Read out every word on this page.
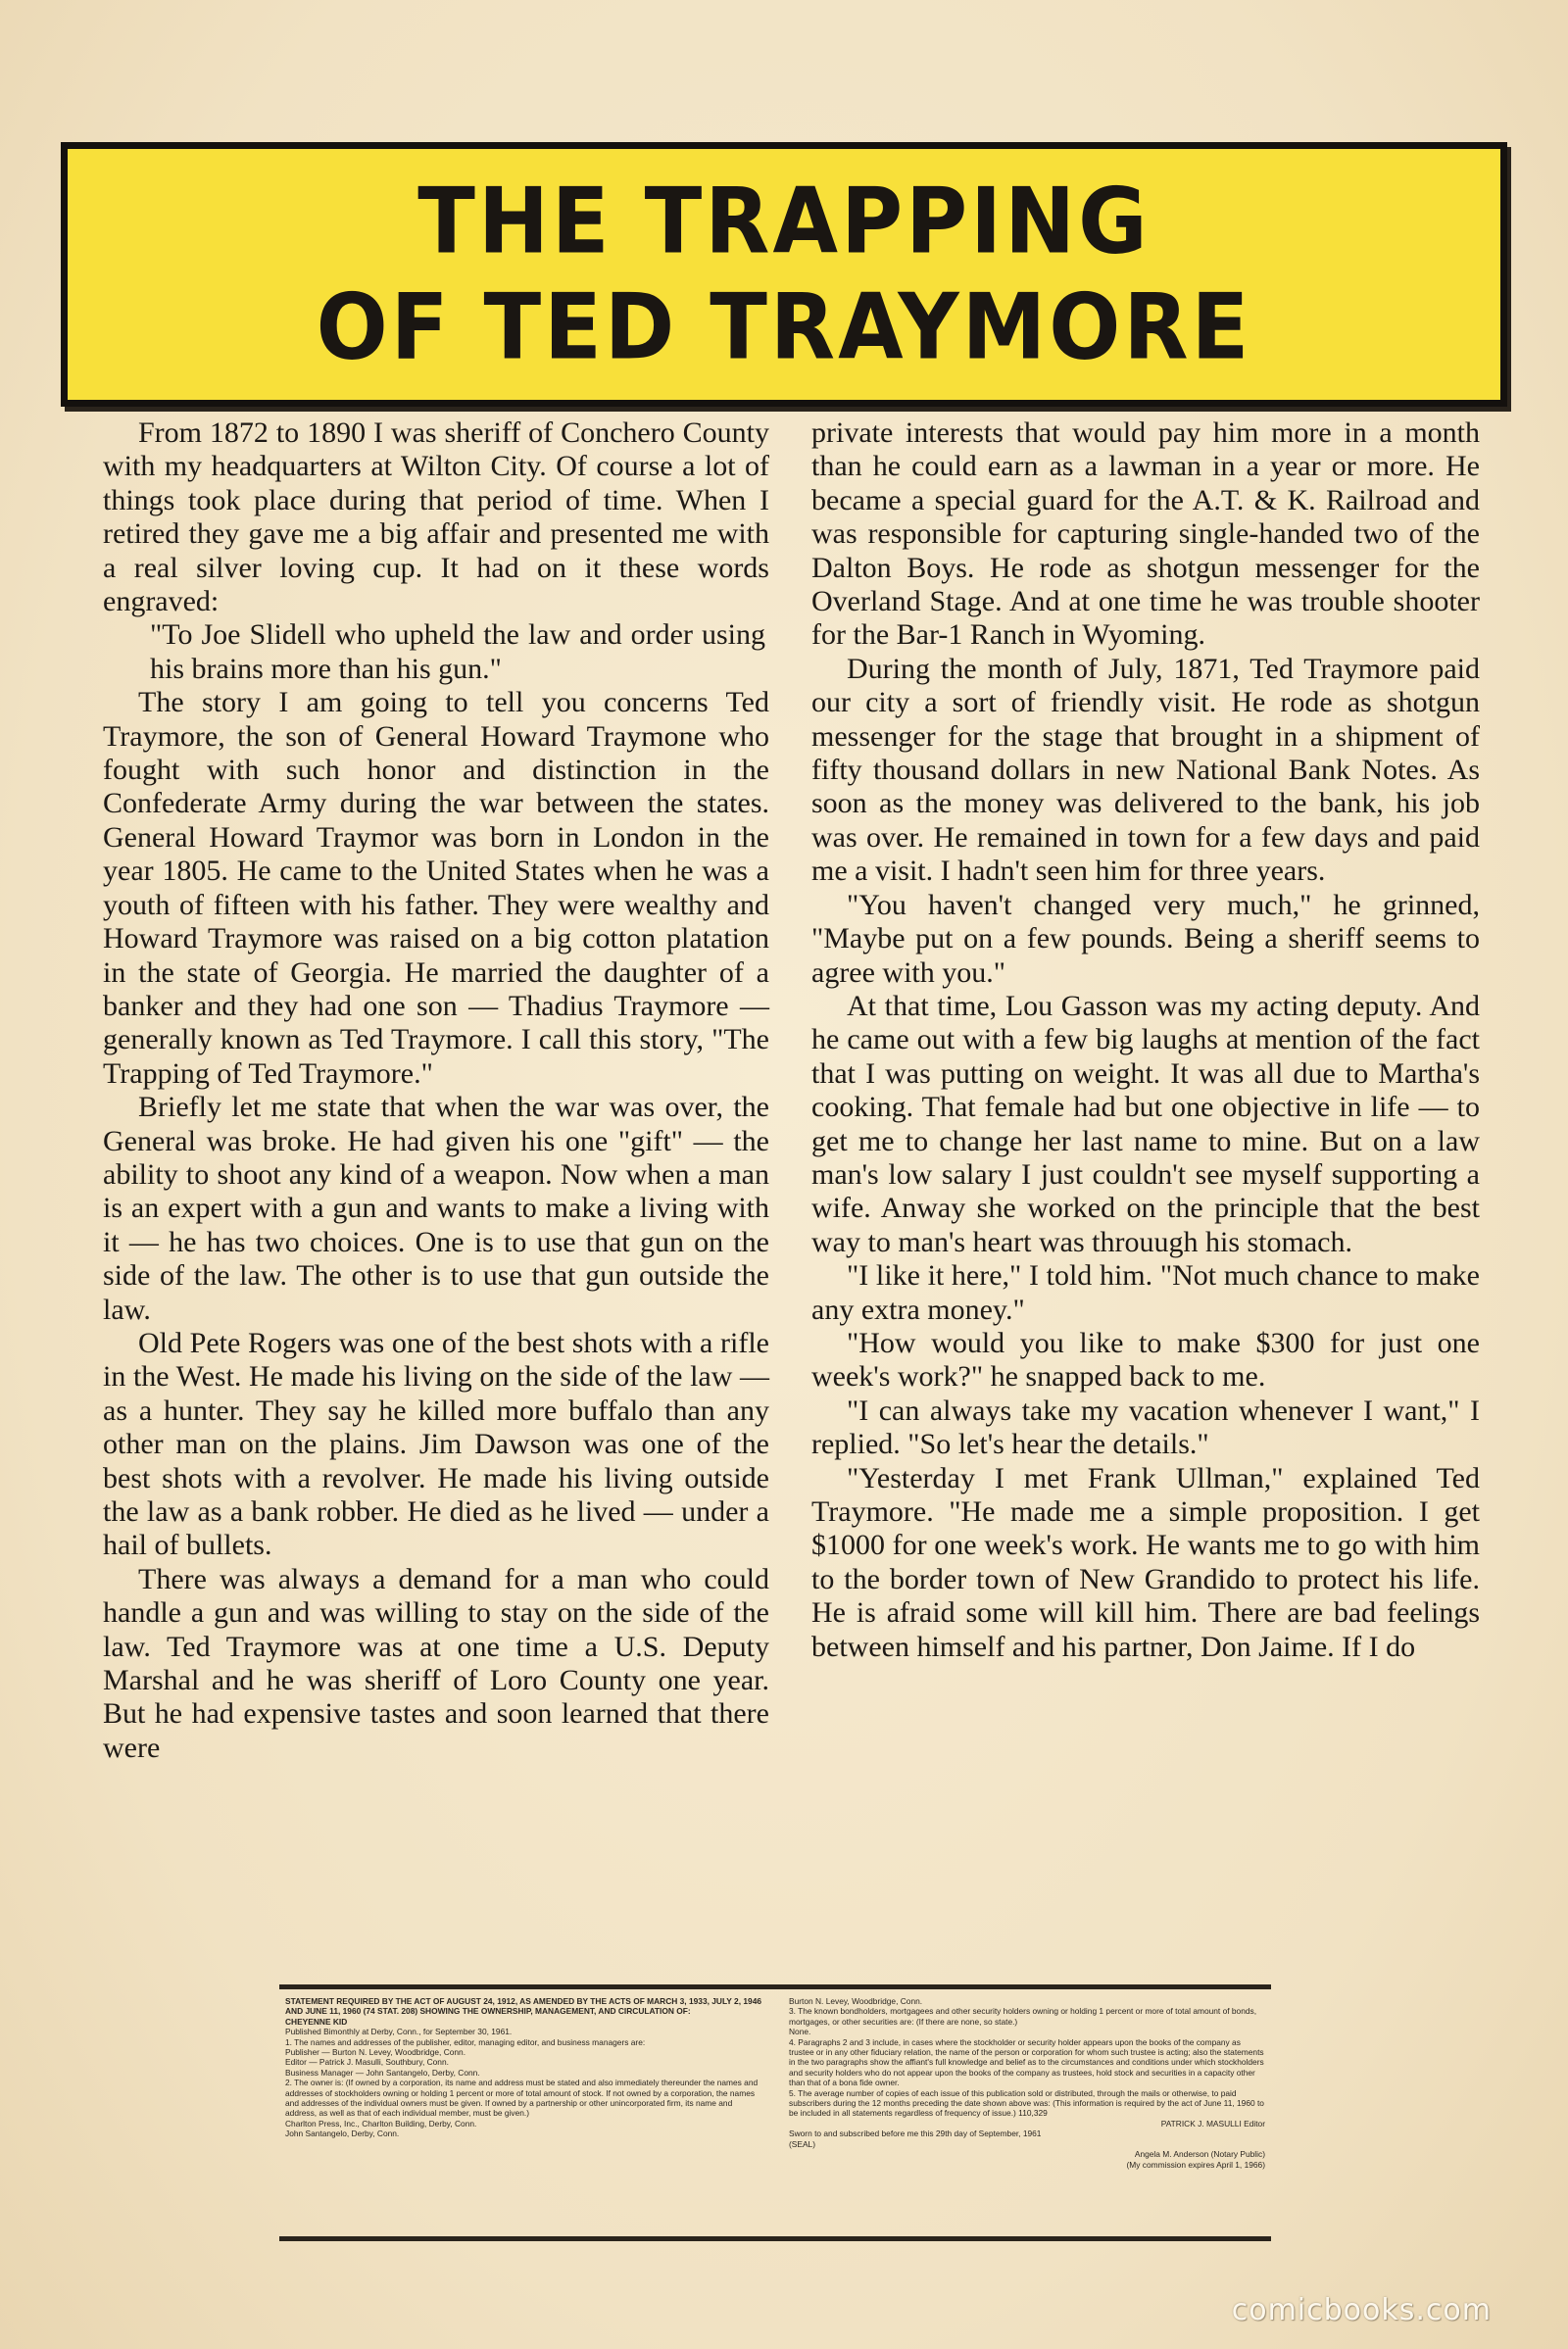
THE TRAPPING
OF TED TRAYMORE

From 1872 to 1890 I was sheriff of Conchero County with my headquarters at Wilton City. Of course a lot of things took place during that period of time. When I retired they gave me a big affair and presented me with a real silver loving cup. It had on it these words engraved:

"To Joe Slidell who upheld the law and order using his brains more than his gun."

The story I am going to tell you concerns Ted Traymore, the son of General Howard Traymone who fought with such honor and distinction in the Confederate Army during the war between the states. General Howard Traymor was born in London in the year 1805. He came to the United States when he was a youth of fifteen with his father. They were wealthy and Howard Traymore was raised on a big cotton platation in the state of Georgia. He married the daughter of a banker and they had one son — Thadius Traymore — generally known as Ted Traymore. I call this story, "The Trapping of Ted Traymore."

Briefly let me state that when the war was over, the General was broke. He had given his one "gift" — the ability to shoot any kind of a weapon. Now when a man is an expert with a gun and wants to make a living with it — he has two choices. One is to use that gun on the side of the law. The other is to use that gun outside the law.

Old Pete Rogers was one of the best shots with a rifle in the West. He made his living on the side of the law — as a hunter. They say he killed more buffalo than any other man on the plains. Jim Dawson was one of the best shots with a revolver. He made his living outside the law as a bank robber. He died as he lived — under a hail of bullets.

There was always a demand for a man who could handle a gun and was willing to stay on the side of the law. Ted Traymore was at one time a U.S. Deputy Marshal and he was sheriff of Loro County one year. But he had expensive tastes and soon learned that there were

private interests that would pay him more in a month than he could earn as a lawman in a year or more. He became a special guard for the A.T. & K. Railroad and was responsible for capturing single-handed two of the Dalton Boys. He rode as shotgun messenger for the Overland Stage. And at one time he was trouble shooter for the Bar-1 Ranch in Wyoming.

During the month of July, 1871, Ted Traymore paid our city a sort of friendly visit. He rode as shotgun messenger for the stage that brought in a shipment of fifty thousand dollars in new National Bank Notes. As soon as the money was delivered to the bank, his job was over. He remained in town for a few days and paid me a visit. I hadn't seen him for three years.

"You haven't changed very much," he grinned, "Maybe put on a few pounds. Being a sheriff seems to agree with you."

At that time, Lou Gasson was my acting deputy. And he came out with a few big laughs at mention of the fact that I was putting on weight. It was all due to Martha's cooking. That female had but one objective in life — to get me to change her last name to mine. But on a law man's low salary I just couldn't see myself supporting a wife. Anway she worked on the principle that the best way to man's heart was throuugh his stomach.

"I like it here," I told him. "Not much chance to make any extra money."

"How would you like to make $300 for just one week's work?" he snapped back to me.

"I can always take my vacation whenever I want," I replied. "So let's hear the details."

"Yesterday I met Frank Ullman," explained Ted Traymore. "He made me a simple proposition. I get $1000 for one week's work. He wants me to go with him to the border town of New Grandido to protect his life. He is afraid some will kill him. There are bad feelings between himself and his partner, Don Jaime. If I do

STATEMENT REQUIRED BY THE ACT OF AUGUST 24, 1912, AS AMENDED BY THE ACTS OF MARCH 3, 1933, JULY 2, 1946 AND JUNE 11, 1960 (74 STAT. 208) SHOWING THE OWNERSHIP, MANAGEMENT, AND CIRCULATION OF:
CHEYENNE KID
Published Bimonthly at Derby, Conn., for September 30, 1961.
1. The names and addresses of the publisher, editor, managing editor, and business managers are:
Publisher — Burton N. Levey, Woodbridge, Conn.
Editor — Patrick J. Masulli, Southbury, Conn.
Business Manager — John Santangelo, Derby, Conn.
2. The owner is: (If owned by a corporation, its name and address must be stated and also immediately thereunder the names and addresses of stockholders owning or holding 1 percent or more of total amount of stock. If not owned by a corporation, the names and addresses of the individual owners must be given. If owned by a partnership or other unincorporated firm, its name and address, as well as that of each individual member, must be given.)
Charlton Press, Inc., Charlton Building, Derby, Conn.
John Santangelo, Derby, Conn.
Burton N. Levey, Woodbridge, Conn.
3. The known bondholders, mortgagees and other security holders owning or holding 1 percent or more of total amount of bonds, mortgages, or other securities are: (If there are none, so state.)
None.
4. Paragraphs 2 and 3 include, in cases where the stockholder or security holder appears upon the books of the company as trustee or in any other fiduciary relation, the name of the person or corporation for whom such trustee is acting; also the statements in the two paragraphs show the affiant's full knowledge and belief as to the circumstances and conditions under which stockholders and security holders who do not appear upon the books of the company as trustees, hold stock and securities in a capacity other than that of a bona fide owner.
5. The average number of copies of each issue of this publication sold or distributed, through the mails or otherwise, to paid subscribers during the 12 months preceding the date shown above was: (This information is required by the act of June 11, 1960 to be included in all statements regardless of frequency of issue.) 110,329
PATRICK J. MASULLI Editor
Sworn to and subscribed before me this 29th day of September, 1961
(SEAL)
Angela M. Anderson (Notary Public)
(My commission expires April 1, 1966)
comicbooks.com
